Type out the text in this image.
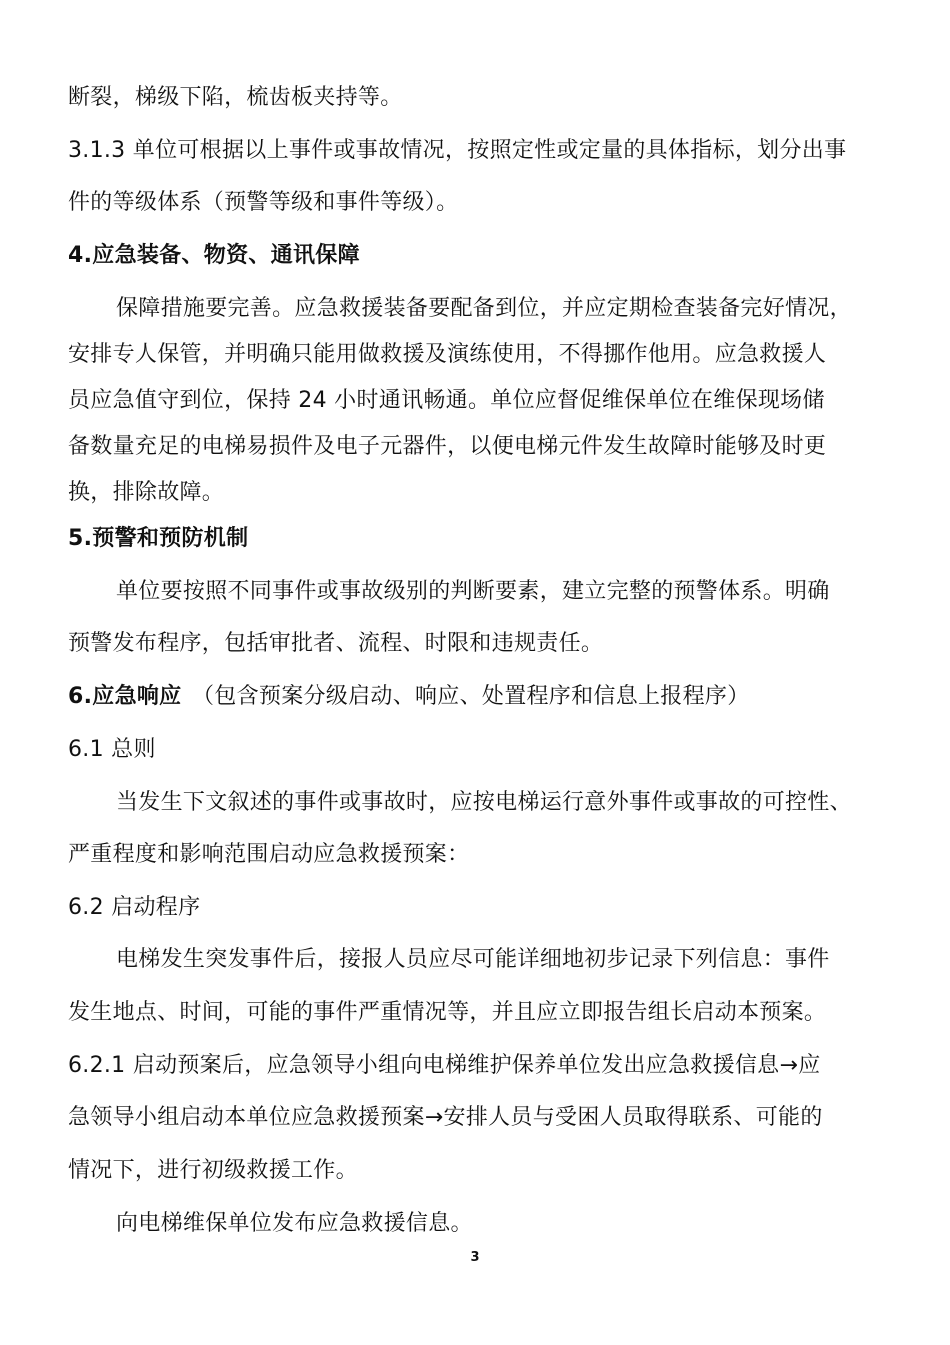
断裂，梯级下陷，梳齿板夹持等。
3.1.3 单位可根据以上事件或事故情况，按照定性或定量的具体指标，划分出事
件的等级体系（预警等级和事件等级）。
4.应急装备、物资、通讯保障
保障措施要完善。应急救援装备要配备到位，并应定期检查装备完好情况，
安排专人保管，并明确只能用做救援及演练使用，不得挪作他用。应急救援人
员应急值守到位，保持 24 小时通讯畅通。单位应督促维保单位在维保现场储
备数量充足的电梯易损件及电子元器件，以便电梯元件发生故障时能够及时更
换，排除故障。
5.预警和预防机制
单位要按照不同事件或事故级别的判断要素，建立完整的预警体系。明确
预警发布程序，包括审批者、流程、时限和违规责任。
6.应急响应 （包含预案分级启动、响应、处置程序和信息上报程序）
6.1 总则
当发生下文叙述的事件或事故时，应按电梯运行意外事件或事故的可控性、
严重程度和影响范围启动应急救援预案：
6.2 启动程序
电梯发生突发事件后，接报人员应尽可能详细地初步记录下列信息：事件
发生地点、时间，可能的事件严重情况等，并且应立即报告组长启动本预案。
6.2.1 启动预案后，应急领导小组向电梯维护保养单位发出应急救援信息→应
急领导小组启动本单位应急救援预案→安排人员与受困人员取得联系、可能的
情况下，进行初级救援工作。
向电梯维保单位发布应急救援信息。
3
